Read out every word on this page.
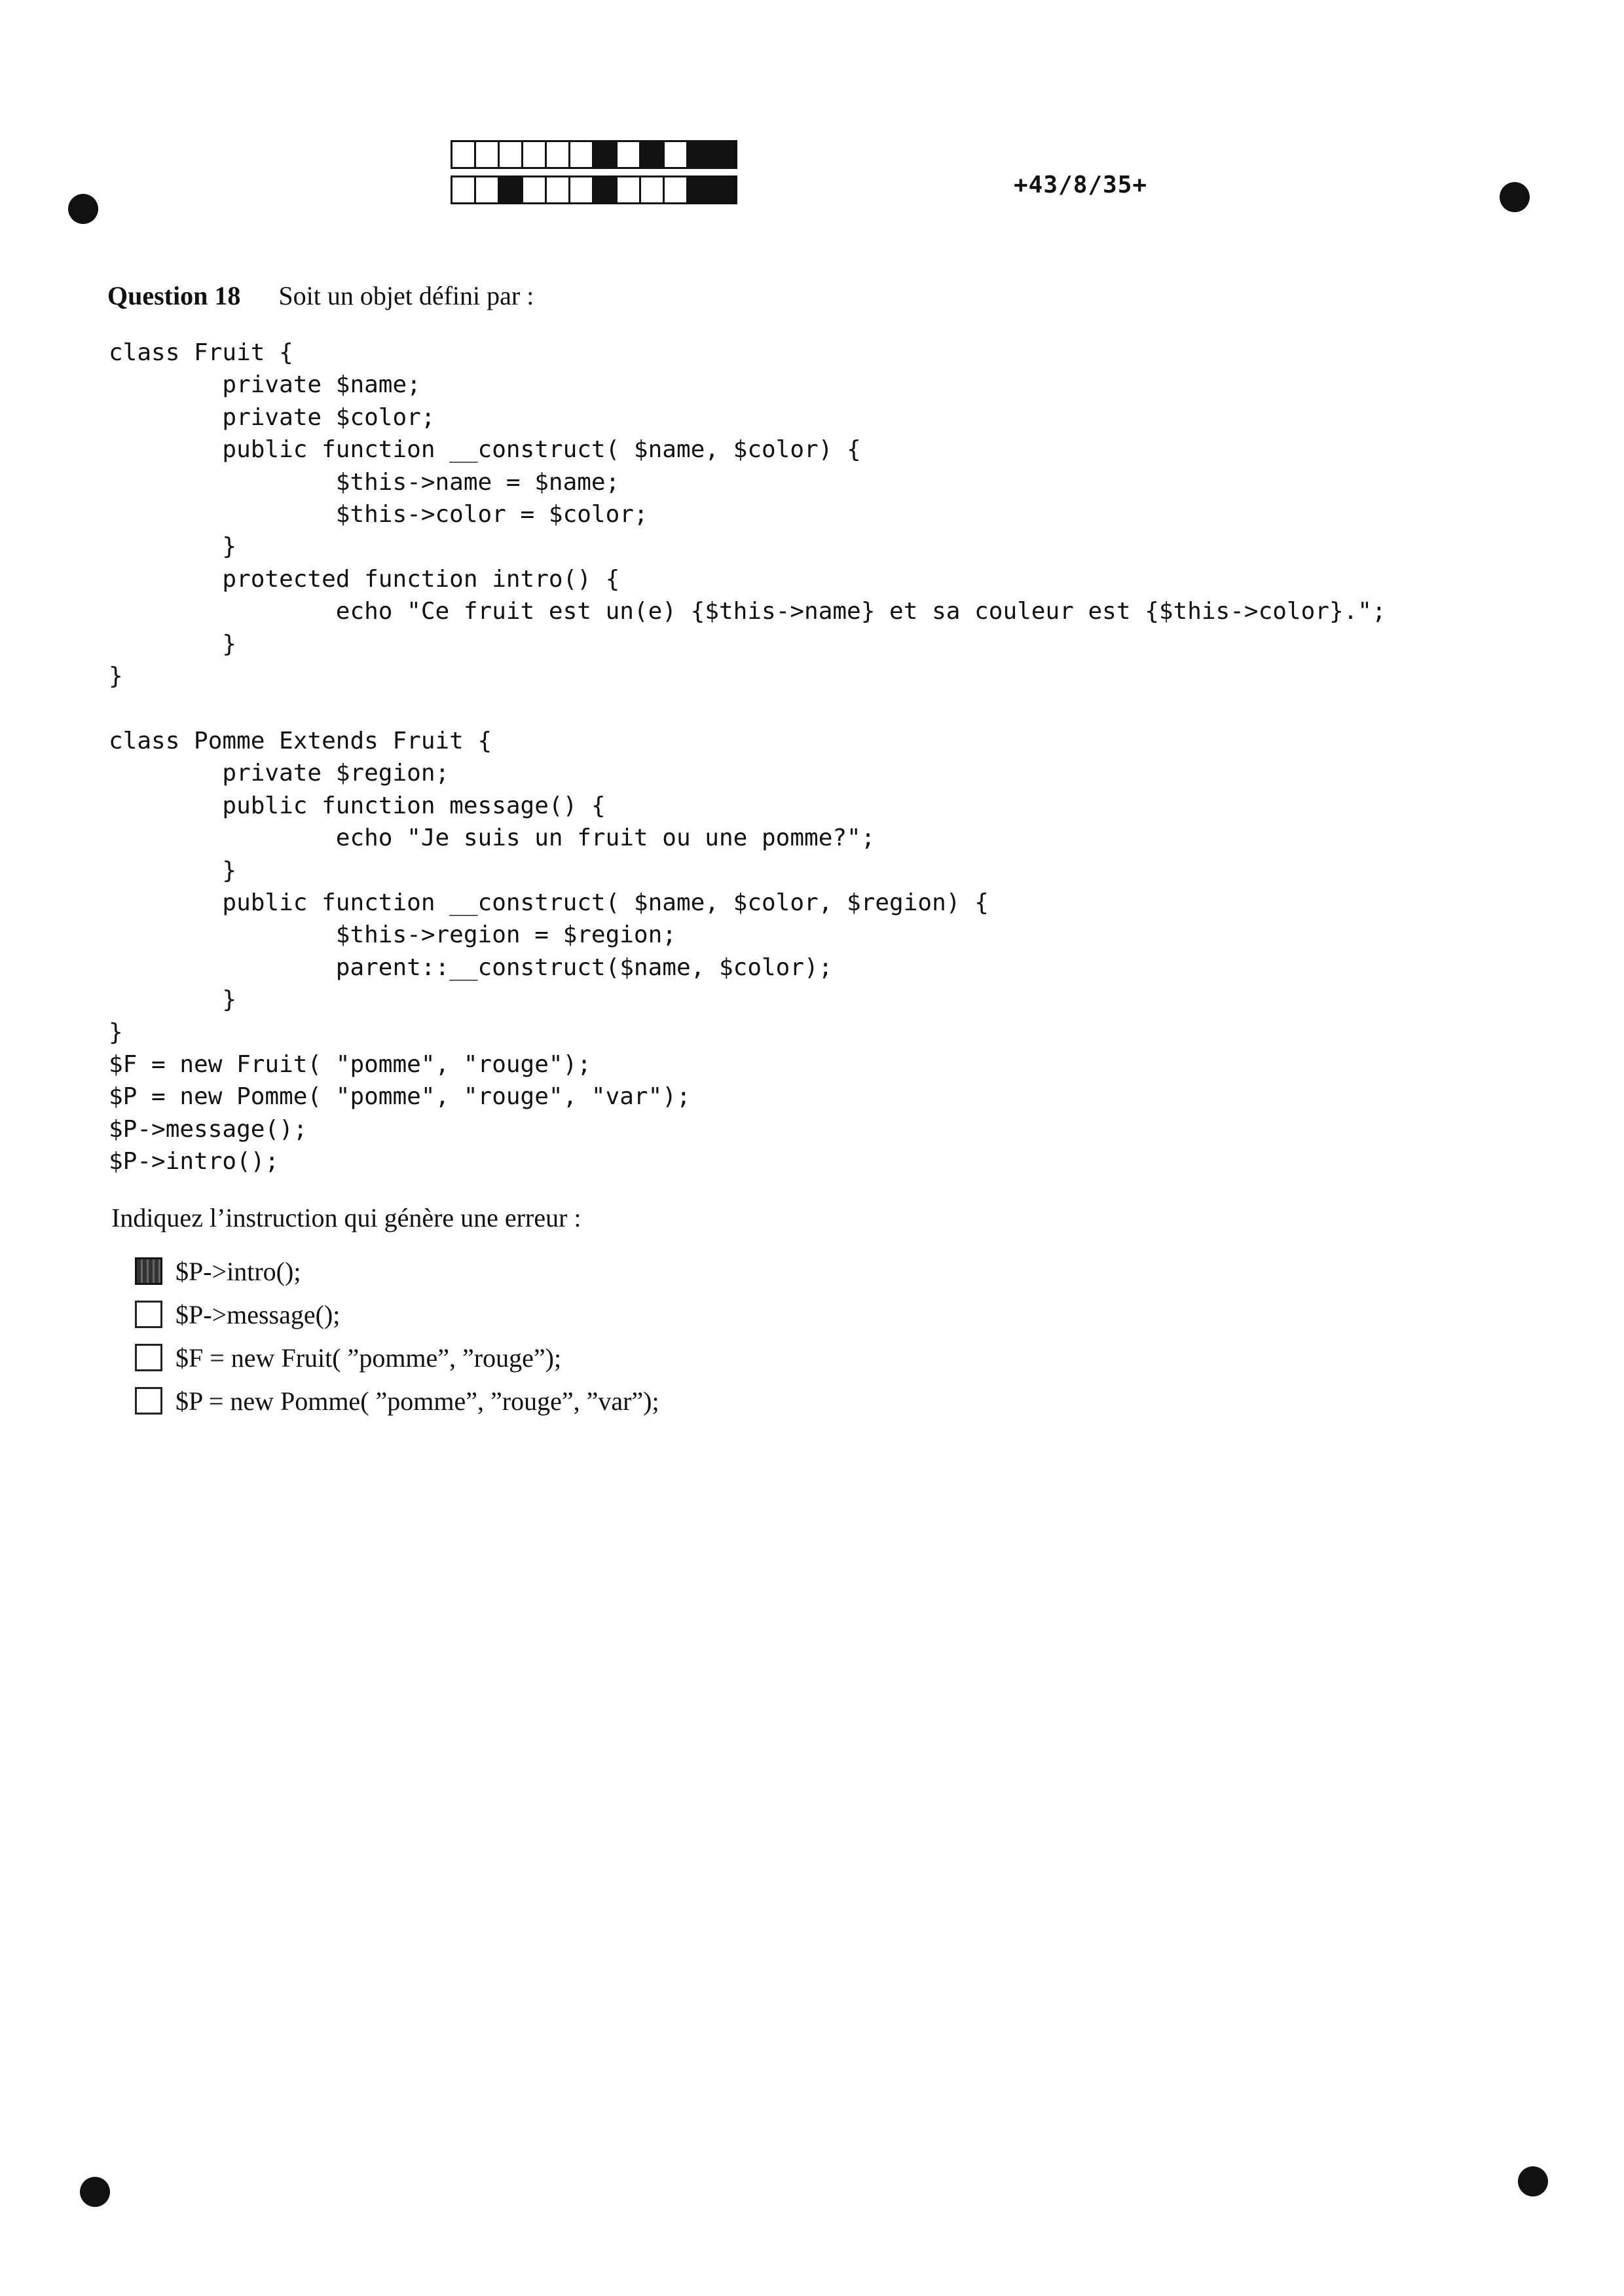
+43/8/35+
Question 18 Soit un objet défini par :
class Fruit {
private $name;
private $color;
public function __construct( $name, $color) {
$this->name = $name;
$this->color = $color;
}
protected function intro() {
echo "Ce fruit est un(e) {$this->name} et sa couleur est {$this->color}.";
}
}

class Pomme Extends Fruit {
private $region;
public function message() {
echo "Je suis un fruit ou une pomme?";
}
public function __construct( $name, $color, $region) {
$this->region = $region;
parent::__construct($name, $color);
}
}
$F = new Fruit( "pomme", "rouge");
$P = new Pomme( "pomme", "rouge", "var");
$P->message();
$P->intro();
Indiquez l’instruction qui génère une erreur :
$P->intro();
$P->message();
$F = new Fruit( ”pomme”, ”rouge”);
$P = new Pomme( ”pomme”, ”rouge”, ”var”);
